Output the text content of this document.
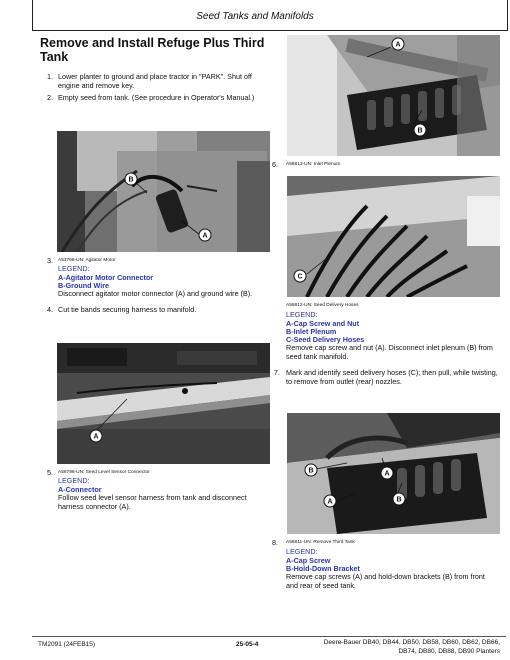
Seed Tanks and Manifolds
Remove and Install Refuge Plus Third Tank
1. Lower planter to ground and place tractor in "PARK". Shut off engine and remove key.
2. Empty seed from tank. (See procedure in Operator's Manual.)
B
A
3. A53768-UN: Agitator Motor
LEGEND:
A-Agitator Motor Connector
B-Ground Wire
Disconnect agitator motor connector (A) and ground wire (B).
4. Cut tie bands securing harness to manifold.
A
5. A56796-UN: Seed Level Sensor Connector
LEGEND:
A-Connector
Follow seed level sensor harness from tank and disconnect harness connector (A).
A
B
6. A56813-UN: Inlet Plenum
C
A56812-UN: Seed Delivery Hoses
LEGEND:
A-Cap Screw and Nut
B-Inlet Plenum
C-Seed Delivery Hoses
Remove cap screw and nut (A). Disconnect inlet plenum (B) from seed tank manifold.
7. Mark and identify seed delivery hoses (C); then pull, while twisting, to remove from outlet (rear) nozzles.
B	A
A	B
8. A56811-UN: Remove Third Tank
LEGEND:
A-Cap Screw
B-Hold-Down Bracket
Remove cap screws (A) and hold-down brackets (B) from front and rear of seed tank.
TM2091 (24FEB15)	25-05-4	Deere-Bauer DB40, DB44, DB50, DB58, DB60, DB62, DB66,
DB74, DB80, DB88, DB90 Planters
